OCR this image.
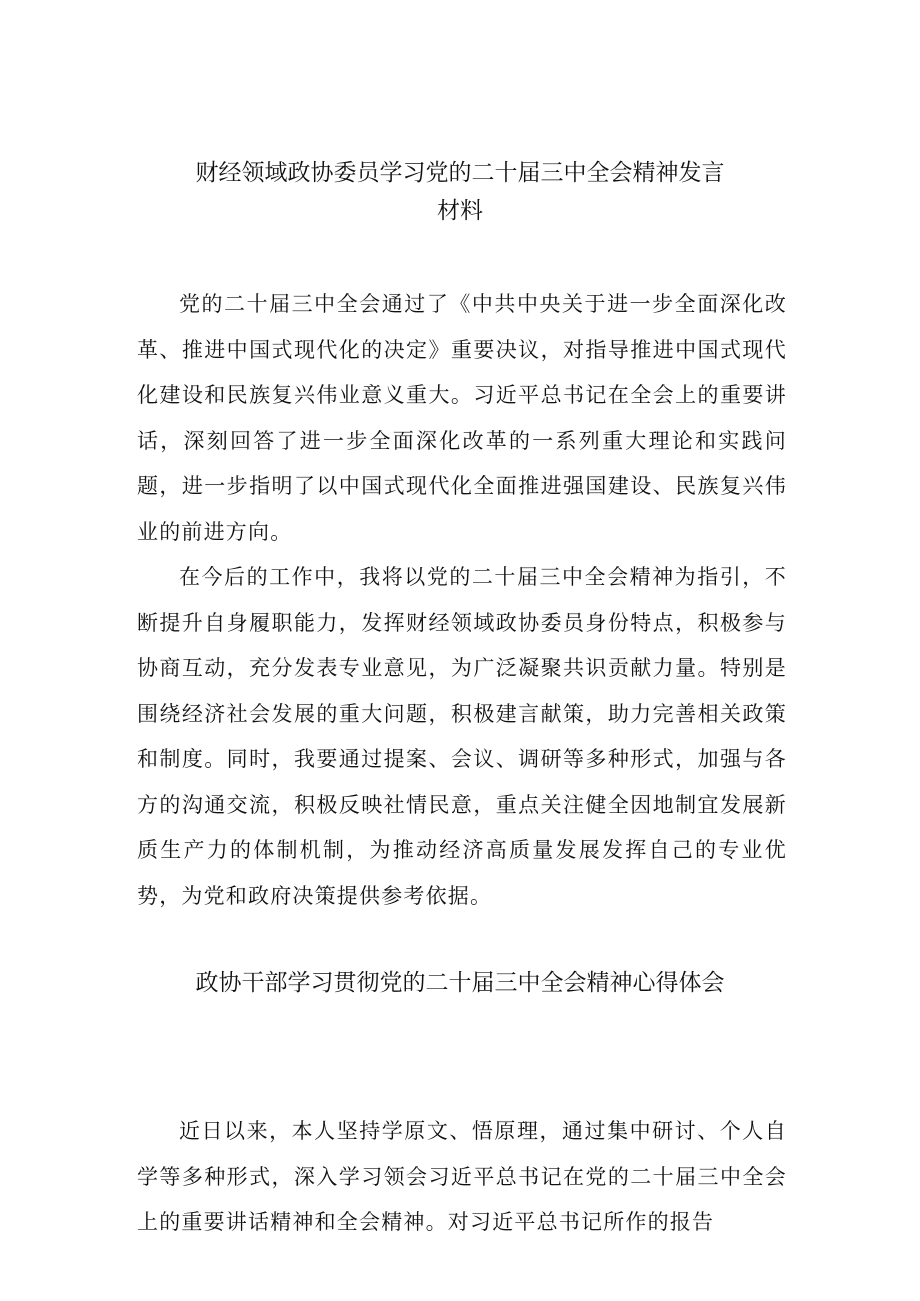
财经领域政协委员学习党的二十届三中全会精神发言
材料

党的二十届三中全会通过了《中共中央关于进一步全面深化改革、推进中国式现代化的决定》重要决议，对指导推进中国式现代化建设和民族复兴伟业意义重大。习近平总书记在全会上的重要讲话，深刻回答了进一步全面深化改革的一系列重大理论和实践问题，进一步指明了以中国式现代化全面推进强国建设、民族复兴伟业的前进方向。

在今后的工作中，我将以党的二十届三中全会精神为指引，不断提升自身履职能力，发挥财经领域政协委员身份特点，积极参与协商互动，充分发表专业意见，为广泛凝聚共识贡献力量。特别是围绕经济社会发展的重大问题，积极建言献策，助力完善相关政策和制度。同时，我要通过提案、会议、调研等多种形式，加强与各方的沟通交流，积极反映社情民意，重点关注健全因地制宜发展新质生产力的体制机制，为推动经济高质量发展发挥自己的专业优势，为党和政府决策提供参考依据。

政协干部学习贯彻党的二十届三中全会精神心得体会

近日以来，本人坚持学原文、悟原理，通过集中研讨、个人自学等多种形式，深入学习领会习近平总书记在党的二十届三中全会上的重要讲话精神和全会精神。对习近平总书记所作的报告
